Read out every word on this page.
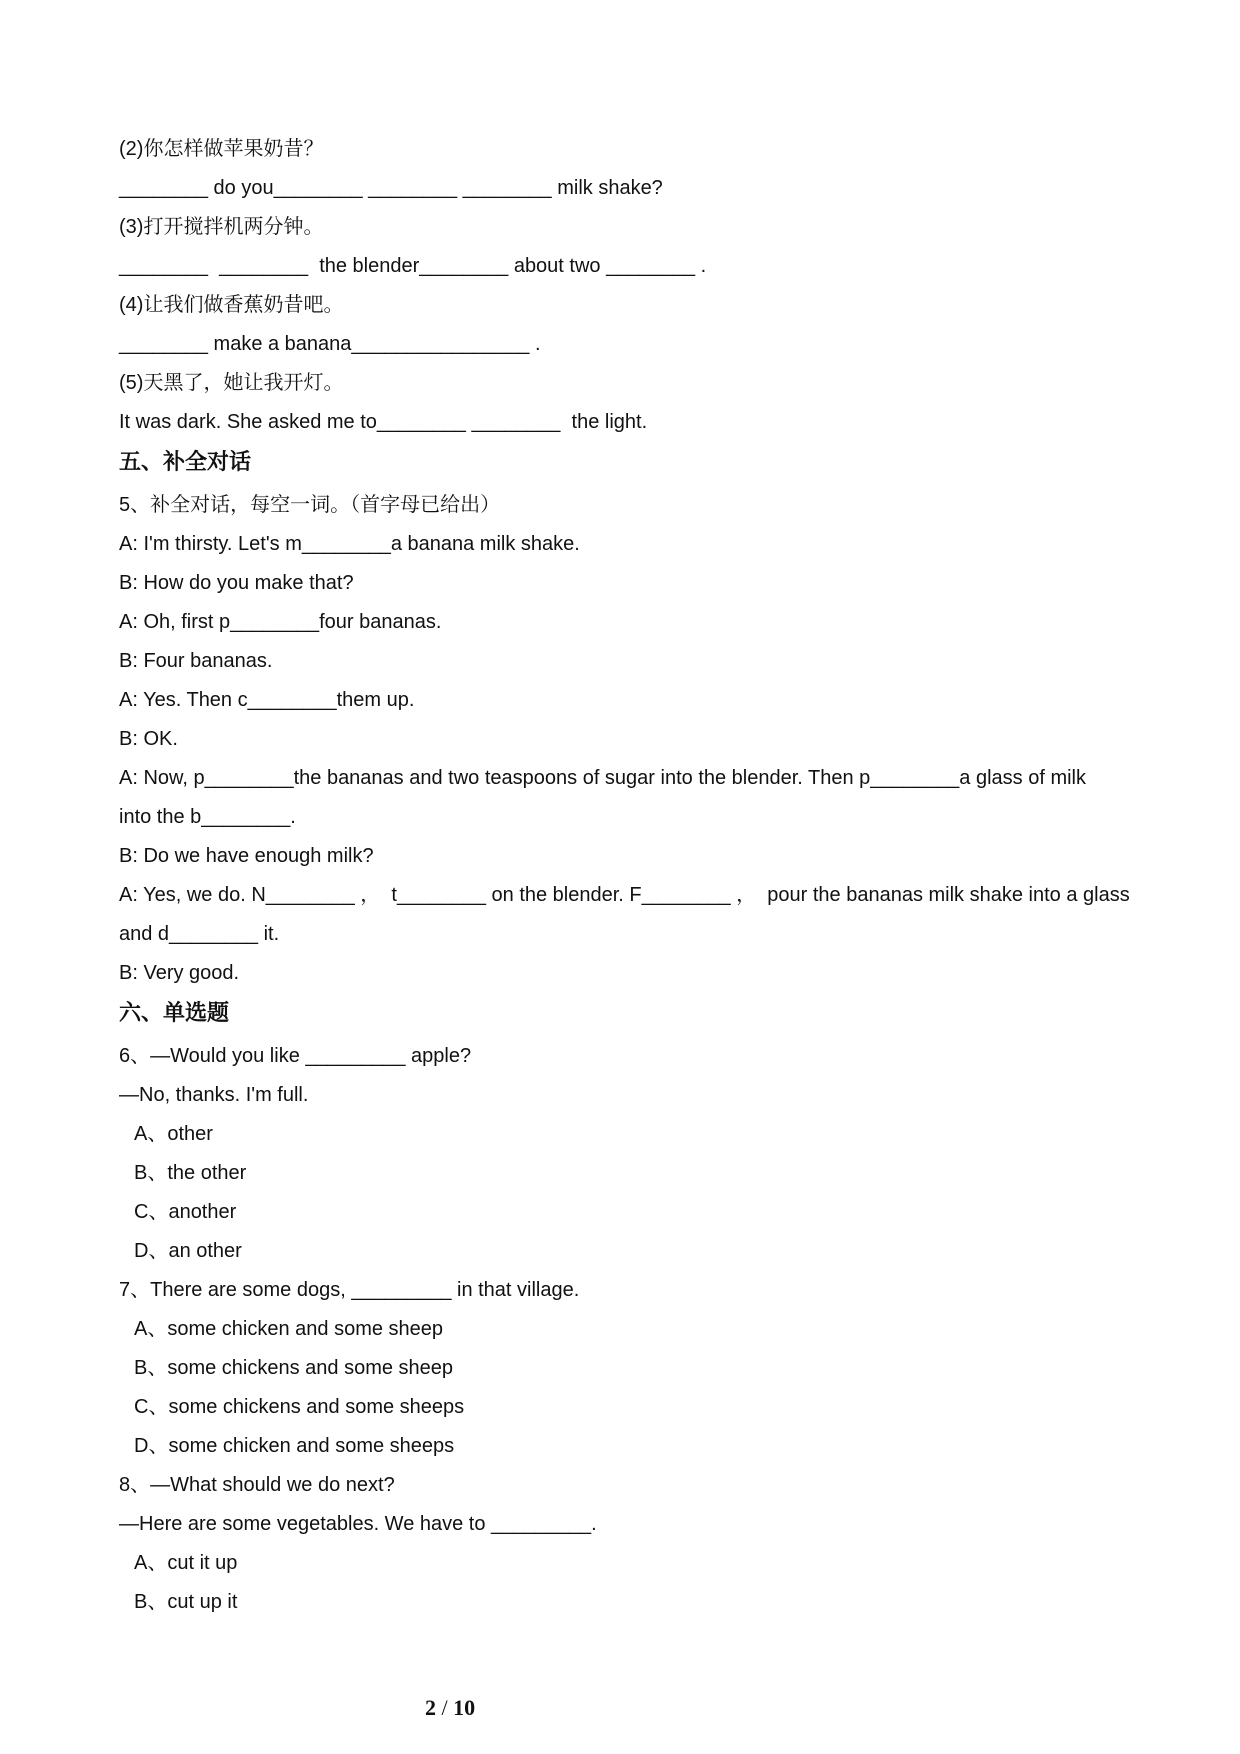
(2)你怎样做苹果奶昔？
________ do you________ ________ ________ milk shake?
(3)打开搅拌机两分钟。
________  ________  the blender________ about two ________ .
(4)让我们做香蕉奶昔吧。
________ make a banana________________ .
(5)天黑了，她让我开灯。
It was dark. She asked me to________ ________  the light.
五、补全对话
5、补全对话，每空一词。（首字母已给出）
A: I'm thirsty. Let's m________a banana milk shake.
B: How do you make that?
A: Oh, first p________four bananas.
B: Four bananas.
A: Yes. Then c________them up.
B: OK.
A: Now, p________the bananas and two teaspoons of sugar into the blender. Then p________a glass of milk
into the b________.
B: Do we have enough milk?
A: Yes, we do. N________ ，  t________ on the blender. F________ ，  pour the bananas milk shake into a glass
and d________ it.
B: Very good.
六、单选题
6、—Would you like _________ apple?
—No, thanks. I'm full.
A、other
B、the other
C、another
D、an other
7、There are some dogs, _________ in that village.
A、some chicken and some sheep
B、some chickens and some sheep
C、some chickens and some sheeps
D、some chicken and some sheeps
8、—What should we do next?
—Here are some vegetables. We have to _________.
A、cut it up
B、cut up it
2 / 10
